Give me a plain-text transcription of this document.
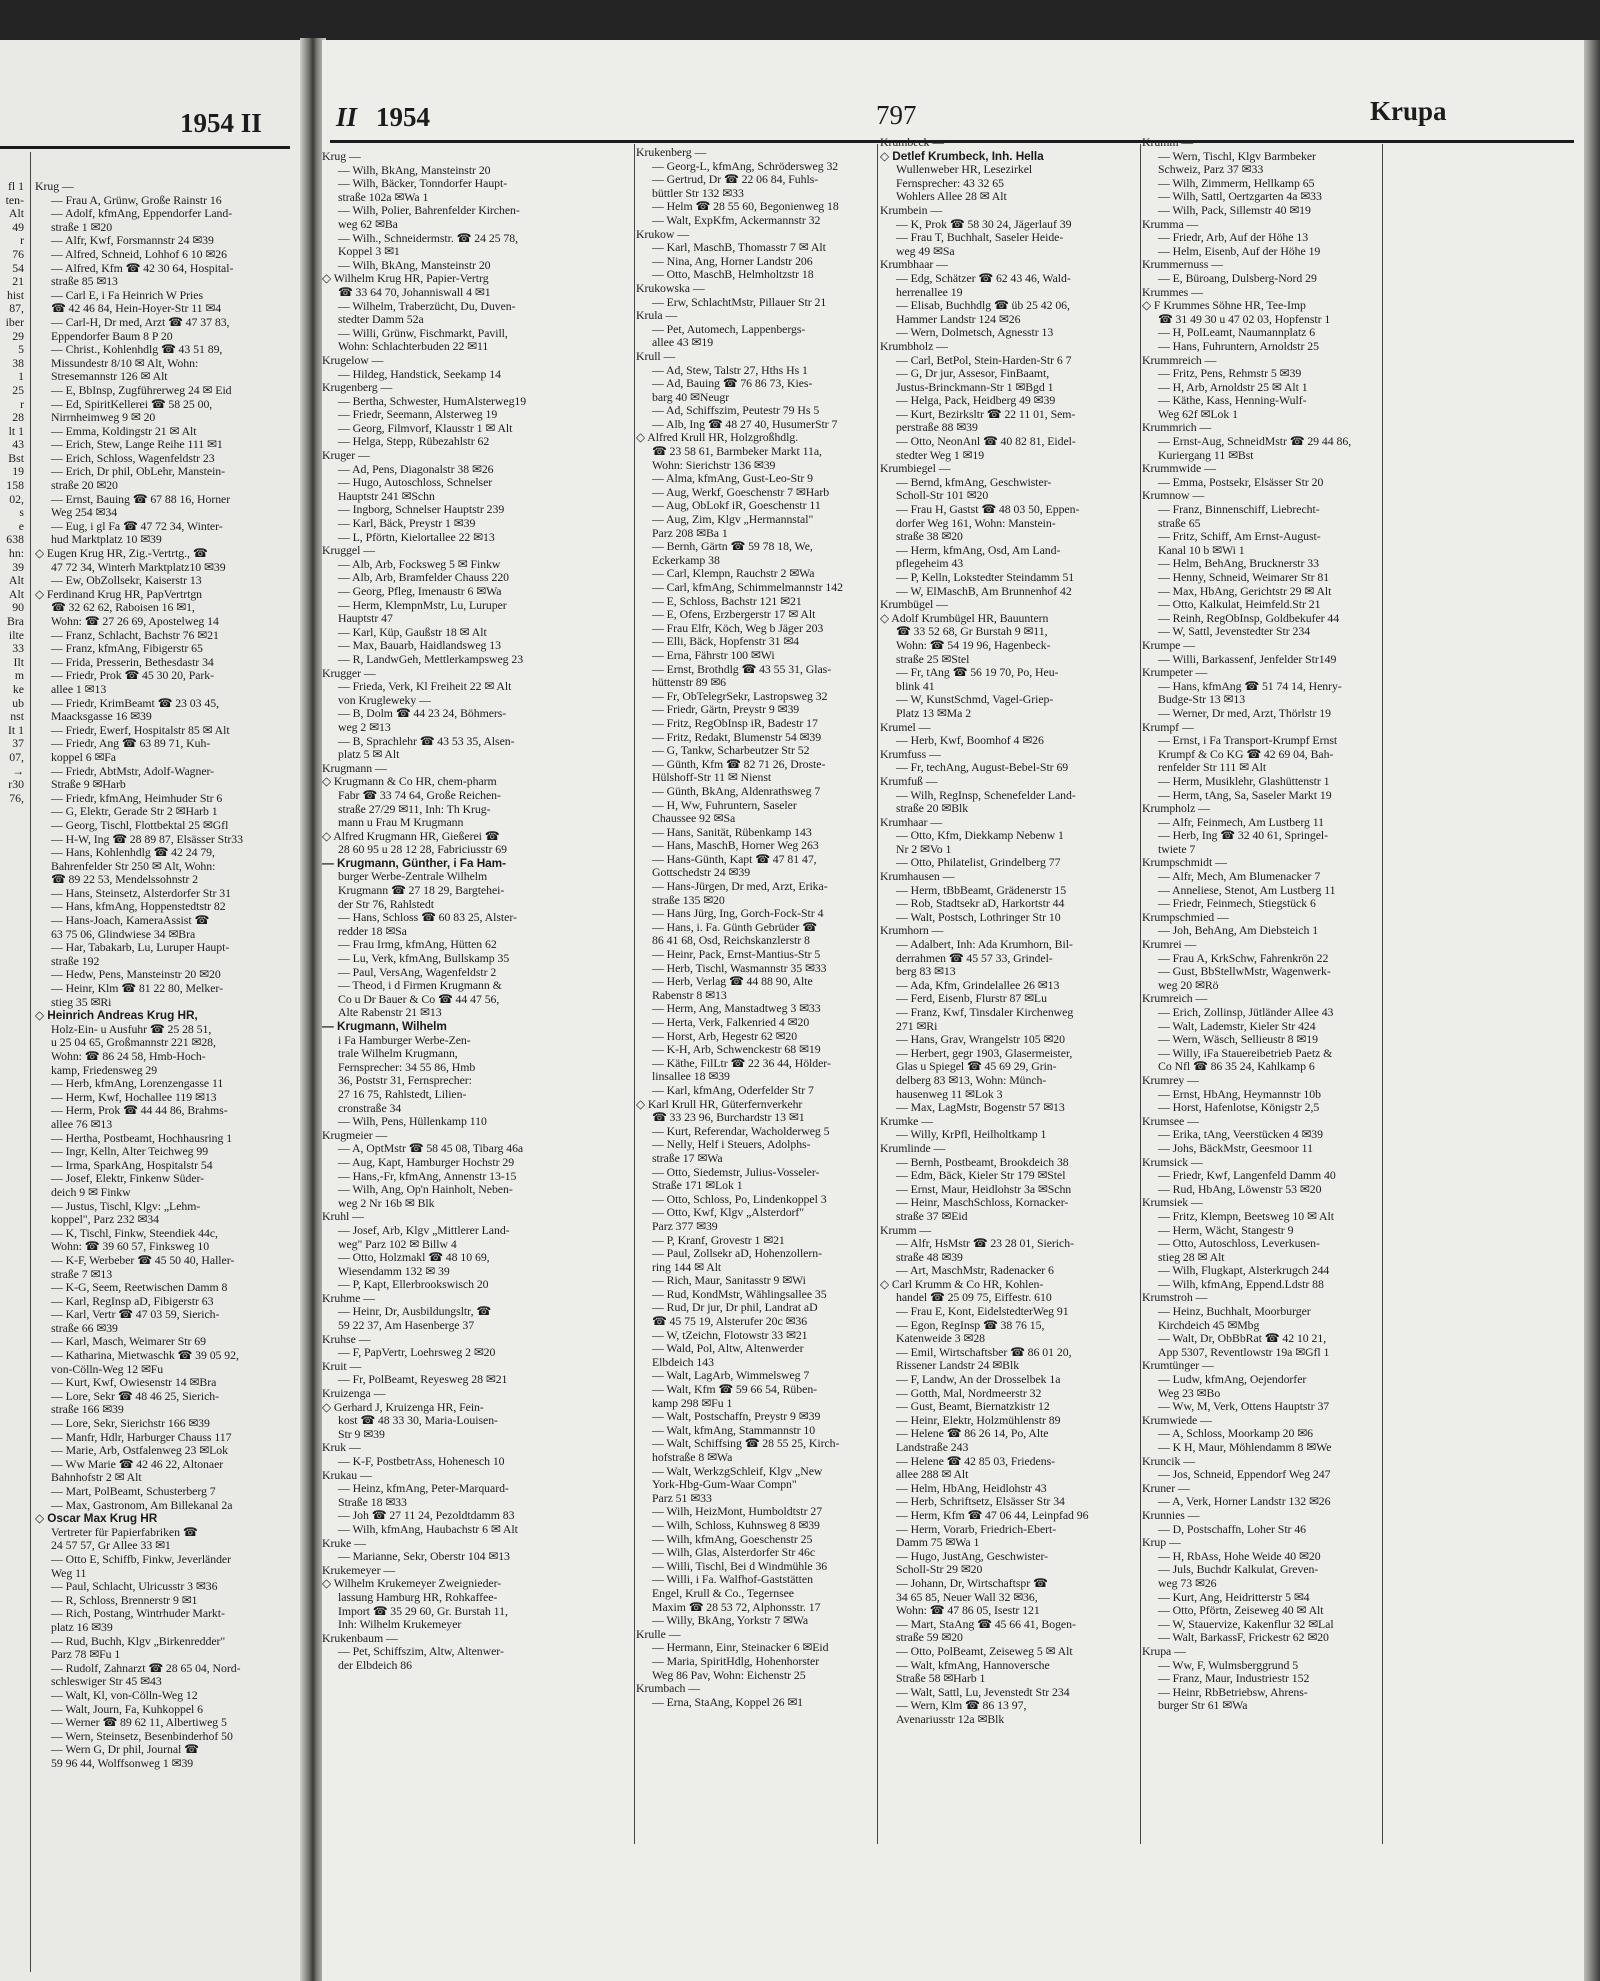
1954 II
fl 1
ten-
Alt
49
r
76
54
21
hist
87,
iber
29
5
38
1
25
r
28
lt 1
43
Bst
19
158
02,
s
e
638
hn:
39
Alt
Alt
90
Bra
ilte
33
Ilt
m
ke
ub
nst
It 1
37
07,
→
r30
76,
Krug —
— Frau A, Grünw, Große Rainstr 16
— Adolf, kfmAng, Eppendorfer Land-
straße 1 ✉20
— Alfr, Kwf, Forsmannstr 24 ✉39
— Alfred, Schneid, Lohhof 6 10 ✉26
— Alfred, Kfm ☎ 42 30 64, Hospital-
straße 85 ✉13
— Carl E, i Fa Heinrich W Pries
☎ 42 46 84, Hein-Hoyer-Str 11 ✉4
— Carl-H, Dr med, Arzt ☎ 47 37 83,
Eppendorfer Baum 8 P 20
— Christ., Kohlenhdlg ☎ 43 51 89,
Missundestr 8/10 ✉ Alt, Wohn:
Stresemannstr 126 ✉ Alt
— E, BbInsp, Zugführerweg 24 ✉ Eid
— Ed, SpiritKellerei ☎ 58 25 00,
Nirrnheimweg 9 ✉ 20
— Emma, Koldingstr 21 ✉ Alt
— Erich, Stew, Lange Reihe 111 ✉1
— Erich, Schloss, Wagenfeldstr 23
— Erich, Dr phil, ObLehr, Manstein-
straße 20 ✉20
— Ernst, Bauing ☎ 67 88 16, Horner
Weg 254 ✉34
— Eug, i gl Fa ☎ 47 72 34, Winter-
hud Marktplatz 10 ✉39
◇ Eugen Krug HR, Zig.-Vertrtg., ☎
47 72 34, Winterh Marktplatz10 ✉39
— Ew, ObZollsekr, Kaiserstr 13
◇ Ferdinand Krug HR, PapVertrtgn
☎ 32 62 62, Raboisen 16 ✉1,
Wohn: ☎ 27 26 69, Apostelweg 14
— Franz, Schlacht, Bachstr 76 ✉21
— Franz, kfmAng, Fibigerstr 65
— Frida, Presserin, Bethesdastr 34
— Friedr, Prok ☎ 45 30 20, Park-
allee 1 ✉13
— Friedr, KrimBeamt ☎ 23 03 45,
Maacksgasse 16 ✉39
— Friedr, Ewerf, Hospitalstr 85 ✉ Alt
— Friedr, Ang ☎ 63 89 71, Kuh-
koppel 6 ✉Fa
— Friedr, AbtMstr, Adolf-Wagner-
Straße 9 ✉Harb
— Friedr, kfmAng, Heimhuder Str 6
— G, Elektr, Gerade Str 2 ✉Harb 1
— Georg, Tischl, Flottbektal 25 ✉Gfl
— H-W, Ing ☎ 28 89 87, Elsässer Str33
— Hans, Kohlenhdlg ☎ 42 24 79,
Bahrenfelder Str 250 ✉ Alt, Wohn:
☎ 89 22 53, Mendelssohnstr 2
— Hans, Steinsetz, Alsterdorfer Str 31
— Hans, kfmAng, Hoppenstedtstr 82
— Hans-Joach, KameraAssist ☎
63 75 06, Glindwiese 34 ✉Bra
— Har, Tabakarb, Lu, Luruper Haupt-
straße 192
— Hedw, Pens, Mansteinstr 20 ✉20
— Heinr, Klm ☎ 81 22 80, Melker-
stieg 35 ✉Ri
◇ Heinrich Andreas Krug HR,
Holz-Ein- u Ausfuhr ☎ 25 28 51,
u 25 04 65, Großmannstr 221 ✉28,
Wohn: ☎ 86 24 58, Hmb-Hoch-
kamp, Friedensweg 29
— Herb, kfmAng, Lorenzengasse 11
— Herm, Kwf, Hochallee 119 ✉13
— Herm, Prok ☎ 44 44 86, Brahms-
allee 76 ✉13
— Hertha, Postbeamt, Hochhausring 1
— Ingr, Kelln, Alter Teichweg 99
— Irma, SparkAng, Hospitalstr 54
— Josef, Elektr, Finkenw Süder-
deich 9 ✉ Finkw
— Justus, Tischl, Klgv: „Lehm-
koppel", Parz 232 ✉34
— K, Tischl, Finkw, Steendiek 44c,
Wohn: ☎ 39 60 57, Finksweg 10
— K-F, Werbeber ☎ 45 50 40, Haller-
straße 7 ✉13
— K-G, Seem, Reetwischen Damm 8
— Karl, RegInsp aD, Fibigerstr 63
— Karl, Vertr ☎ 47 03 59, Sierich-
straße 66 ✉39
— Karl, Masch, Weimarer Str 69
— Katharina, Mietwaschk ☎ 39 05 92,
von-Cölln-Weg 12 ✉Fu
— Kurt, Kwf, Owiesenstr 14 ✉Bra
— Lore, Sekr ☎ 48 46 25, Sierich-
straße 166 ✉39
— Lore, Sekr, Sierichstr 166 ✉39
— Manfr, Hdlr, Harburger Chauss 117
— Marie, Arb, Ostfalenweg 23 ✉Lok
— Ww Marie ☎ 42 46 22, Altonaer
Bahnhofstr 2 ✉ Alt
— Mart, PolBeamt, Schusterberg 7
— Max, Gastronom, Am Billekanal 2a
◇ Oscar Max Krug HR
Vertreter für Papierfabriken ☎
24 57 57, Gr Allee 33 ✉1
— Otto E, Schiffb, Finkw, Jeverländer
Weg 11
— Paul, Schlacht, Ulricusstr 3 ✉36
— R, Schloss, Brennerstr 9 ✉1
— Rich, Postang, Wintrhuder Markt-
platz 16 ✉39
— Rud, Buchh, Klgv „Birkenredder"
Parz 78 ✉Fu 1
— Rudolf, Zahnarzt ☎ 28 65 04, Nord-
schleswiger Str 45 ✉43
— Walt, Kl, von-Cölln-Weg 12
— Walt, Journ, Fa, Kuhkoppel 6
— Werner ☎ 89 62 11, Albertiweg 5
— Wern, Steinsetz, Besenbinderhof 50
— Wern G, Dr phil, Journal ☎
59 96 44, Wolffsonweg 1 ✉39
II 1954	797	Krupa
Krug —
— Wilh, BkAng, Mansteinstr 20
— Wilh, Bäcker, Tonndorfer Haupt-
straße 102a ✉Wa 1
— Wilh, Polier, Bahrenfelder Kirchen-
weg 62 ✉Ba
— Wilh., Schneidermstr. ☎ 24 25 78,
Koppel 3 ✉1
— Wilh, BkAng, Mansteinstr 20
◇ Wilhelm Krug HR, Papier-Vertrg
☎ 33 64 70, Johanniswall 4 ✉1
— Wilhelm, Traberzücht, Du, Duven-
stedter Damm 52a
— Willi, Grünw, Fischmarkt, Pavill,
Wohn: Schlachterbuden 22 ✉11
Krugelow —
— Hildeg, Handstick, Seekamp 14
Krugenberg —
— Bertha, Schwester, HumAlsterweg19
— Friedr, Seemann, Alsterweg 19
— Georg, Filmvorf, Klausstr 1 ✉ Alt
— Helga, Stepp, Rübezahlstr 62
Kruger —
— Ad, Pens, Diagonalstr 38 ✉26
— Hugo, Autoschloss, Schnelser
Hauptstr 241 ✉Schn
— Ingborg, Schnelser Hauptstr 239
— Karl, Bäck, Preystr 1 ✉39
— L, Pförtn, Kielortallee 22 ✉13
Kruggel —
— Alb, Arb, Focksweg 5 ✉ Finkw
— Alb, Arb, Bramfelder Chauss 220
— Georg, Pfleg, Imenaustr 6 ✉Wa
— Herm, KlempnMstr, Lu, Luruper
Hauptstr 47
— Karl, Küp, Gaußstr 18 ✉ Alt
— Max, Bauarb, Haidlandsweg 13
— R, LandwGeh, Mettlerkampsweg 23
Krugger —
— Frieda, Verk, Kl Freiheit 22 ✉ Alt
von Krugleweky —
— B, Dolm ☎ 44 23 24, Böhmers-
weg 2 ✉13
— B, Sprachlehr ☎ 43 53 35, Alsen-
platz 5 ✉ Alt
Krugmann —
◇ Krugmann & Co HR, chem-pharm
Fabr ☎ 33 74 64, Große Reichen-
straße 27/29 ✉11, Inh: Th Krug-
mann u Frau M Krugmann
◇ Alfred Krugmann HR, Gießerei ☎
28 60 95 u 28 12 28, Fabriciusstr 69
— Krugmann, Günther, i Fa Ham-
burger Werbe-Zentrale Wilhelm
Krugmann ☎ 27 18 29, Bargtehei-
der Str 76, Rahlstedt
— Hans, Schloss ☎ 60 83 25, Alster-
redder 18 ✉Sa
— Frau Irmg, kfmAng, Hütten 62
— Lu, Verk, kfmAng, Bullskamp 35
— Paul, VersAng, Wagenfeldstr 2
— Theod, i d Firmen Krugmann &
Co u Dr Bauer & Co ☎ 44 47 56,
Alte Rabenstr 21 ✉13
— Krugmann, Wilhelm
i Fa Hamburger Werbe-Zen-
trale Wilhelm Krugmann,
Fernsprecher: 34 55 86, Hmb
36, Poststr 31, Fernsprecher:
27 16 75, Rahlstedt, Lilien-
cronstraße 34
— Wilh, Pens, Hüllenkamp 110
Krugmeier —
— A, OptMstr ☎ 58 45 08, Tibarg 46a
— Aug, Kapt, Hamburger Hochstr 29
— Hans,-Fr, kfmAng, Annenstr 13-15
— Wilh, Ang, Op'n Hainholt, Neben-
weg 2 Nr 16b ✉ Blk
Kruhl —
— Josef, Arb, Klgv „Mittlerer Land-
weg" Parz 102 ✉ Billw 4
— Otto, Holzmakl ☎ 48 10 69,
Wiesendamm 132 ✉ 39
— P, Kapt, Ellerbrookswisch 20
Kruhme —
— Heinr, Dr, Ausbildungsltr, ☎
59 22 37, Am Hasenberge 37
Kruhse —
— F, PapVertr, Loehrsweg 2 ✉20
Kruit —
— Fr, PolBeamt, Reyesweg 28 ✉21
Kruizenga —
◇ Gerhard J, Kruizenga HR, Fein-
kost ☎ 48 33 30, Maria-Louisen-
Str 9 ✉39
Kruk —
— K-F, PostbetrAss, Hohenesch 10
Krukau —
— Heinz, kfmAng, Peter-Marquard-
Straße 18 ✉33
— Joh ☎ 27 11 24, Pezoldtdamm 83
— Wilh, kfmAng, Haubachstr 6 ✉ Alt
Kruke —
— Marianne, Sekr, Oberstr 104 ✉13
Krukemeyer —
◇ Wilhelm Krukemeyer Zweignieder-
lassung Hamburg HR, Rohkaffee-
Import ☎ 35 29 60, Gr. Burstah 11,
Inh: Wilhelm Krukemeyer
Krukenbaum —
— Pet, Schiffszim, Altw, Altenwer-
der Elbdeich 86
Krukenberg —
— Georg-L, kfmAng, Schrödersweg 32
— Gertrud, Dr ☎ 22 06 84, Fuhls-
büttler Str 132 ✉33
— Helm ☎ 28 55 60, Begonienweg 18
— Walt, ExpKfm, Ackermannstr 32
Krukow —
— Karl, MaschB, Thomasstr 7 ✉ Alt
— Nina, Ang, Horner Landstr 206
— Otto, MaschB, Helmholtzstr 18
Krukowska —
— Erw, SchlachtMstr, Pillauer Str 21
Krula —
— Pet, Automech, Lappenbergs-
allee 43 ✉19
Krull —
— Ad, Stew, Talstr 27, Hths Hs 1
— Ad, Bauing ☎ 76 86 73, Kies-
barg 40 ✉Neugr
— Ad, Schiffszim, Peutestr 79 Hs 5
— Alb, Ing ☎ 48 27 40, HusumerStr 7
◇ Alfred Krull HR, Holzgroßhdlg.
☎ 23 58 61, Barmbeker Markt 11a,
Wohn: Sierichstr 136 ✉39
— Alma, kfmAng, Gust-Leo-Str 9
— Aug, Werkf, Goeschenstr 7 ✉Harb
— Aug, ObLokf iR, Goeschenstr 11
— Aug, Zim, Klgv „Hermannstal"
Parz 208 ✉Ba 1
— Bernh, Gärtn ☎ 59 78 18, We,
Eckerkamp 38
— Carl, Klempn, Rauchstr 2 ✉Wa
— Carl, kfmAng, Schimmelmannstr 142
— E, Schloss, Bachstr 121 ✉21
— E, Ofens, Erzbergerstr 17 ✉ Alt
— Frau Elfr, Köch, Weg b Jäger 203
— Elli, Bäck, Hopfenstr 31 ✉4
— Erna, Fährstr 100 ✉Wi
— Ernst, Brothdlg ☎ 43 55 31, Glas-
hüttenstr 89 ✉6
— Fr, ObTelegrSekr, Lastropsweg 32
— Friedr, Gärtn, Preystr 9 ✉39
— Fritz, RegObInsp iR, Badestr 17
— Fritz, Redakt, Blumenstr 54 ✉39
— G, Tankw, Scharbeutzer Str 52
— Günth, Kfm ☎ 82 71 26, Droste-
Hülshoff-Str 11 ✉ Nienst
— Günth, BkAng, Aldenrathsweg 7
— H, Ww, Fuhruntern, Saseler
Chaussee 92 ✉Sa
— Hans, Sanität, Rübenkamp 143
— Hans, MaschB, Horner Weg 263
— Hans-Günth, Kapt ☎ 47 81 47,
Gottschedstr 24 ✉39
— Hans-Jürgen, Dr med, Arzt, Erika-
straße 135 ✉20
— Hans Jürg, Ing, Gorch-Fock-Str 4
— Hans, i. Fa. Günth Gebrüder ☎
86 41 68, Osd, Reichskanzlerstr 8
— Heinr, Pack, Ernst-Mantius-Str 5
— Herb, Tischl, Wasmannstr 35 ✉33
— Herb, Verlag ☎ 44 88 90, Alte
Rabenstr 8 ✉13
— Herm, Ang, Manstadtweg 3 ✉33
— Herta, Verk, Falkenried 4 ✉20
— Horst, Arb, Hegestr 62 ✉20
— K-H, Arb, Schwenckestr 68 ✉19
— Käthe, FilLtr ☎ 22 36 44, Hölder-
linsallee 18 ✉39
— Karl, kfmAng, Oderfelder Str 7
◇ Karl Krull HR, Güterfernverkehr
☎ 33 23 96, Burchardstr 13 ✉1
— Kurt, Referendar, Wacholderweg 5
— Nelly, Helf i Steuers, Adolphs-
straße 17 ✉Wa
— Otto, Siedemstr, Julius-Vosseler-
Straße 171 ✉Lok 1
— Otto, Schloss, Po, Lindenkoppel 3
— Otto, Kwf, Klgv „Alsterdorf"
Parz 377 ✉39
— P, Kranf, Grovestr 1 ✉21
— Paul, Zollsekr aD, Hohenzollern-
ring 144 ✉ Alt
— Rich, Maur, Sanitasstr 9 ✉Wi
— Rud, KondMstr, Wählingsallee 35
— Rud, Dr jur, Dr phil, Landrat aD
☎ 45 75 19, Alsterufer 20c ✉36
— W, tZeichn, Flotowstr 33 ✉21
— Wald, Pol, Altw, Altenwerder
Elbdeich 143
— Walt, LagArb, Wimmelsweg 7
— Walt, Kfm ☎ 59 66 54, Rüben-
kamp 298 ✉Fu 1
— Walt, Postschaffn, Preystr 9 ✉39
— Walt, kfmAng, Stammannstr 10
— Walt, Schiffsing ☎ 28 55 25, Kirch-
hofstraße 8 ✉Wa
— Walt, WerkzgSchleif, Klgv „New
York-Hbg-Gum-Waar Compn"
Parz 51 ✉33
— Wilh, HeizMont, Humboldtstr 27
— Wilh, Schloss, Kuhnsweg 8 ✉39
— Wilh, kfmAng, Goeschenstr 25
— Wilh, Glas, Alsterdorfer Str 46c
— Willi, Tischl, Bei d Windmühle 36
— Willi, i Fa. Walfhof-Gaststätten
Engel, Krull & Co., Tegernsee
Maxim ☎ 28 53 72, Alphonsstr. 17
— Willy, BkAng, Yorkstr 7 ✉Wa
Krulle —
— Hermann, Einr, Steinacker 6 ✉Eid
— Maria, SpiritHdlg, Hohenhorster
Weg 86 Pav, Wohn: Eichenstr 25
Krumbach —
— Erna, StaAng, Koppel 26 ✉1
Krumbeck —
◇ Detlef Krumbeck, Inh. Hella
Wullenweber HR, Lesezirkel
Fernsprecher: 43 32 65
Wohlers Allee 28 ✉ Alt
Krumbein —
— K, Prok ☎ 58 30 24, Jägerlauf 39
— Frau T, Buchhalt, Saseler Heide-
weg 49 ✉Sa
Krumbhaar —
— Edg, Schätzer ☎ 62 43 46, Wald-
herrenallee 19
— Elisab, Buchhdlg ☎ üb 25 42 06,
Hammer Landstr 124 ✉26
— Wern, Dolmetsch, Agnesstr 13
Krumbholz —
— Carl, BetPol, Stein-Harden-Str 6 7
— G, Dr jur, Assesor, FinBaamt,
Justus-Brinckmann-Str 1 ✉Bgd 1
— Helga, Pack, Heidberg 49 ✉39
— Kurt, Bezirksltr ☎ 22 11 01, Sem-
perstraße 88 ✉39
— Otto, NeonAnl ☎ 40 82 81, Eidel-
stedter Weg 1 ✉19
Krumbiegel —
— Bernd, kfmAng, Geschwister-
Scholl-Str 101 ✉20
— Frau H, Gastst ☎ 48 03 50, Eppen-
dorfer Weg 161, Wohn: Manstein-
straße 38 ✉20
— Herm, kfmAng, Osd, Am Land-
pflegeheim 43
— P, Kelln, Lokstedter Steindamm 51
— W, ElMaschB, Am Brunnenhof 42
Krumbügel —
◇ Adolf Krumbügel HR, Bauuntern
☎ 33 52 68, Gr Burstah 9 ✉11,
Wohn: ☎ 54 19 96, Hagenbeck-
straße 25 ✉Stel
— Fr, tAng ☎ 56 19 70, Po, Heu-
blink 41
— W, KunstSchmd, Vagel-Griep-
Platz 13 ✉Ma 2
Krumel —
— Herb, Kwf, Boomhof 4 ✉26
Krumfuss —
— Fr, techAng, August-Bebel-Str 69
Krumfuß —
— Wilh, RegInsp, Schenefelder Land-
straße 20 ✉Blk
Krumhaar —
— Otto, Kfm, Diekkamp Nebenw 1
Nr 2 ✉Vo 1
— Otto, Philatelist, Grindelberg 77
Krumhausen —
— Herm, tBbBeamt, Grädenerstr 15
— Rob, Stadtsekr aD, Harkortstr 44
— Walt, Postsch, Lothringer Str 10
Krumhorn —
— Adalbert, Inh: Ada Krumhorn, Bil-
derrahmen ☎ 45 57 33, Grindel-
berg 83 ✉13
— Ada, Kfm, Grindelallee 26 ✉13
— Ferd, Eisenb, Flurstr 87 ✉Lu
— Franz, Kwf, Tinsdaler Kirchenweg
271 ✉Ri
— Hans, Grav, Wrangelstr 105 ✉20
— Herbert, gegr 1903, Glasermeister,
Glas u Spiegel ☎ 45 69 29, Grin-
delberg 83 ✉13, Wohn: Münch-
hausenweg 11 ✉Lok 3
— Max, LagMstr, Bogenstr 57 ✉13
Krumke —
— Willy, KrPfl, Heilholtkamp 1
Krumlinde —
— Bernh, Postbeamt, Brookdeich 38
— Edm, Bäck, Kieler Str 179 ✉Stel
— Ernst, Maur, Heidlohstr 3a ✉Schn
— Heinr, MaschSchloss, Kornacker-
straße 37 ✉Eid
Krumm —
— Alfr, HsMstr ☎ 23 28 01, Sierich-
straße 48 ✉39
— Art, MaschMstr, Radenacker 6
◇ Carl Krumm & Co HR, Kohlen-
handel ☎ 25 09 75, Eiffestr. 610
— Frau E, Kont, EidelstedterWeg 91
— Egon, RegInsp ☎ 38 76 15,
Katenweide 3 ✉28
— Emil, Wirtschaftsber ☎ 86 01 20,
Rissener Landstr 24 ✉Blk
— F, Landw, An der Drosselbek 1a
— Gotth, Mal, Nordmeerstr 32
— Gust, Beamt, Biernatzkistr 12
— Heinr, Elektr, Holzmühlenstr 89
— Helene ☎ 86 26 14, Po, Alte
Landstraße 243
— Helene ☎ 42 85 03, Friedens-
allee 288 ✉ Alt
— Helm, HbAng, Heidlohstr 43
— Herb, Schriftsetz, Elsässer Str 34
— Herm, Kfm ☎ 47 06 44, Leinpfad 96
— Herm, Vorarb, Friedrich-Ebert-
Damm 75 ✉Wa 1
— Hugo, JustAng, Geschwister-
Scholl-Str 29 ✉20
— Johann, Dr, Wirtschaftspr ☎
34 65 85, Neuer Wall 32 ✉36,
Wohn: ☎ 47 86 05, Isestr 121
— Mart, StaAng ☎ 45 66 41, Bogen-
straße 59 ✉20
— Otto, PolBeamt, Zeiseweg 5 ✉ Alt
— Walt, kfmAng, Hannoversche
Straße 58 ✉Harb 1
— Walt, Sattl, Lu, Jevenstedt Str 234
— Wern, Klm ☎ 86 13 97,
Avenariusstr 12a ✉Blk
Krumm —
— Wern, Tischl, Klgv Barmbeker
Schweiz, Parz 37 ✉33
— Wilh, Zimmerm, Hellkamp 65
— Wilh, Sattl, Oertzgarten 4a ✉33
— Wilh, Pack, Sillemstr 40 ✉19
Krumma —
— Friedr, Arb, Auf der Höhe 13
— Helm, Eisenb, Auf der Höhe 19
Krummernuss —
— E, Büroang, Dulsberg-Nord 29
Krummes —
◇ F Krummes Söhne HR, Tee-Imp
☎ 31 49 30 u 47 02 03, Hopfenstr 1
— H, PolLeamt, Naumannplatz 6
— Hans, Fuhruntern, Arnoldstr 25
Krummreich —
— Fritz, Pens, Rehmstr 5 ✉39
— H, Arb, Arnoldstr 25 ✉ Alt 1
— Käthe, Kass, Henning-Wulf-
Weg 62f ✉Lok 1
Krummrich —
— Ernst-Aug, SchneidMstr ☎ 29 44 86,
Kuriergang 11 ✉Bst
Krummwide —
— Emma, Postsekr, Elsässer Str 20
Krumnow —
— Franz, Binnenschiff, Liebrecht-
straße 65
— Fritz, Schiff, Am Ernst-August-
Kanal 10 b ✉Wi 1
— Helm, BehAng, Brucknerstr 33
— Henny, Schneid, Weimarer Str 81
— Max, HbAng, Gerichtstr 29 ✉ Alt
— Otto, Kalkulat, Heimfeld.Str 21
— Reinh, RegObInsp, Goldbekufer 44
— W, Sattl, Jevenstedter Str 234
Krumpe —
— Willi, Barkassenf, Jenfelder Str149
Krumpeter —
— Hans, kfmAng ☎ 51 74 14, Henry-
Budge-Str 13 ✉13
— Werner, Dr med, Arzt, Thörlstr 19
Krumpf —
— Ernst, i Fa Transport-Krumpf Ernst
Krumpf & Co KG ☎ 42 69 04, Bah-
renfelder Str 111 ✉ Alt
— Herm, Musiklehr, Glashüttenstr 1
— Herm, tAng, Sa, Saseler Markt 19
Krumpholz —
— Alfr, Feinmech, Am Lustberg 11
— Herb, Ing ☎ 32 40 61, Springel-
twiete 7
Krumpschmidt —
— Alfr, Mech, Am Blumenacker 7
— Anneliese, Stenot, Am Lustberg 11
— Friedr, Feinmech, Stiegstück 6
Krumpschmied —
— Joh, BehAng, Am Diebsteich 1
Krumrei —
— Frau A, KrkSchw, Fahrenkrön 22
— Gust, BbStellwMstr, Wagenwerk-
weg 20 ✉Rö
Krumreich —
— Erich, Zollinsp, Jütländer Allee 43
— Walt, Lademstr, Kieler Str 424
— Wern, Wäsch, Sellieustr 8 ✉19
— Willy, iFa Stauereibetrieb Paetz &
Co Nfl ☎ 86 35 24, Kahlkamp 6
Krumrey —
— Ernst, HbAng, Heymannstr 10b
— Horst, Hafenlotse, Königstr 2,5
Krumsee —
— Erika, tAng, Veerstücken 4 ✉39
— Johs, BäckMstr, Geesmoor 11
Krumsick —
— Friedr, Kwf, Langenfeld Damm 40
— Rud, HbAng, Löwenstr 53 ✉20
Krumsiek —
— Fritz, Klempn, Beetsweg 10 ✉ Alt
— Herm, Wächt, Stangestr 9
— Otto, Autoschloss, Leverkusen-
stieg 28 ✉ Alt
— Wilh, Flugkapt, Alsterkrugch 244
— Wilh, kfmAng, Eppend.Ldstr 88
Krumstroh —
— Heinz, Buchhalt, Moorburger
Kirchdeich 45 ✉Mbg
— Walt, Dr, ObBbRat ☎ 42 10 21,
App 5307, Reventlowstr 19a ✉Gfl 1
Krumtünger —
— Ludw, kfmAng, Oejendorfer
Weg 23 ✉Bo
— Ww, M, Verk, Ottens Hauptstr 37
Krumwiede —
— A, Schloss, Moorkamp 20 ✉6
— K H, Maur, Möhlendamm 8 ✉We
Kruncik —
— Jos, Schneid, Eppendorf Weg 247
Kruner —
— A, Verk, Horner Landstr 132 ✉26
Krunnies —
— D, Postschaffn, Loher Str 46
Krup —
— H, RbAss, Hohe Weide 40 ✉20
— Juls, Buchdr Kalkulat, Greven-
weg 73 ✉26
— Kurt, Ang, Heidritterstr 5 ✉4
— Otto, Pförtn, Zeiseweg 40 ✉ Alt
— W, Stauervize, Kakenflur 32 ✉Lal
— Walt, BarkassF, Frickestr 62 ✉20
Krupa —
— Ww, F, Wulmsberggrund 5
— Franz, Maur, Industriestr 152
— Heinr, RbBetriebsw, Ahrens-
burger Str 61 ✉Wa
